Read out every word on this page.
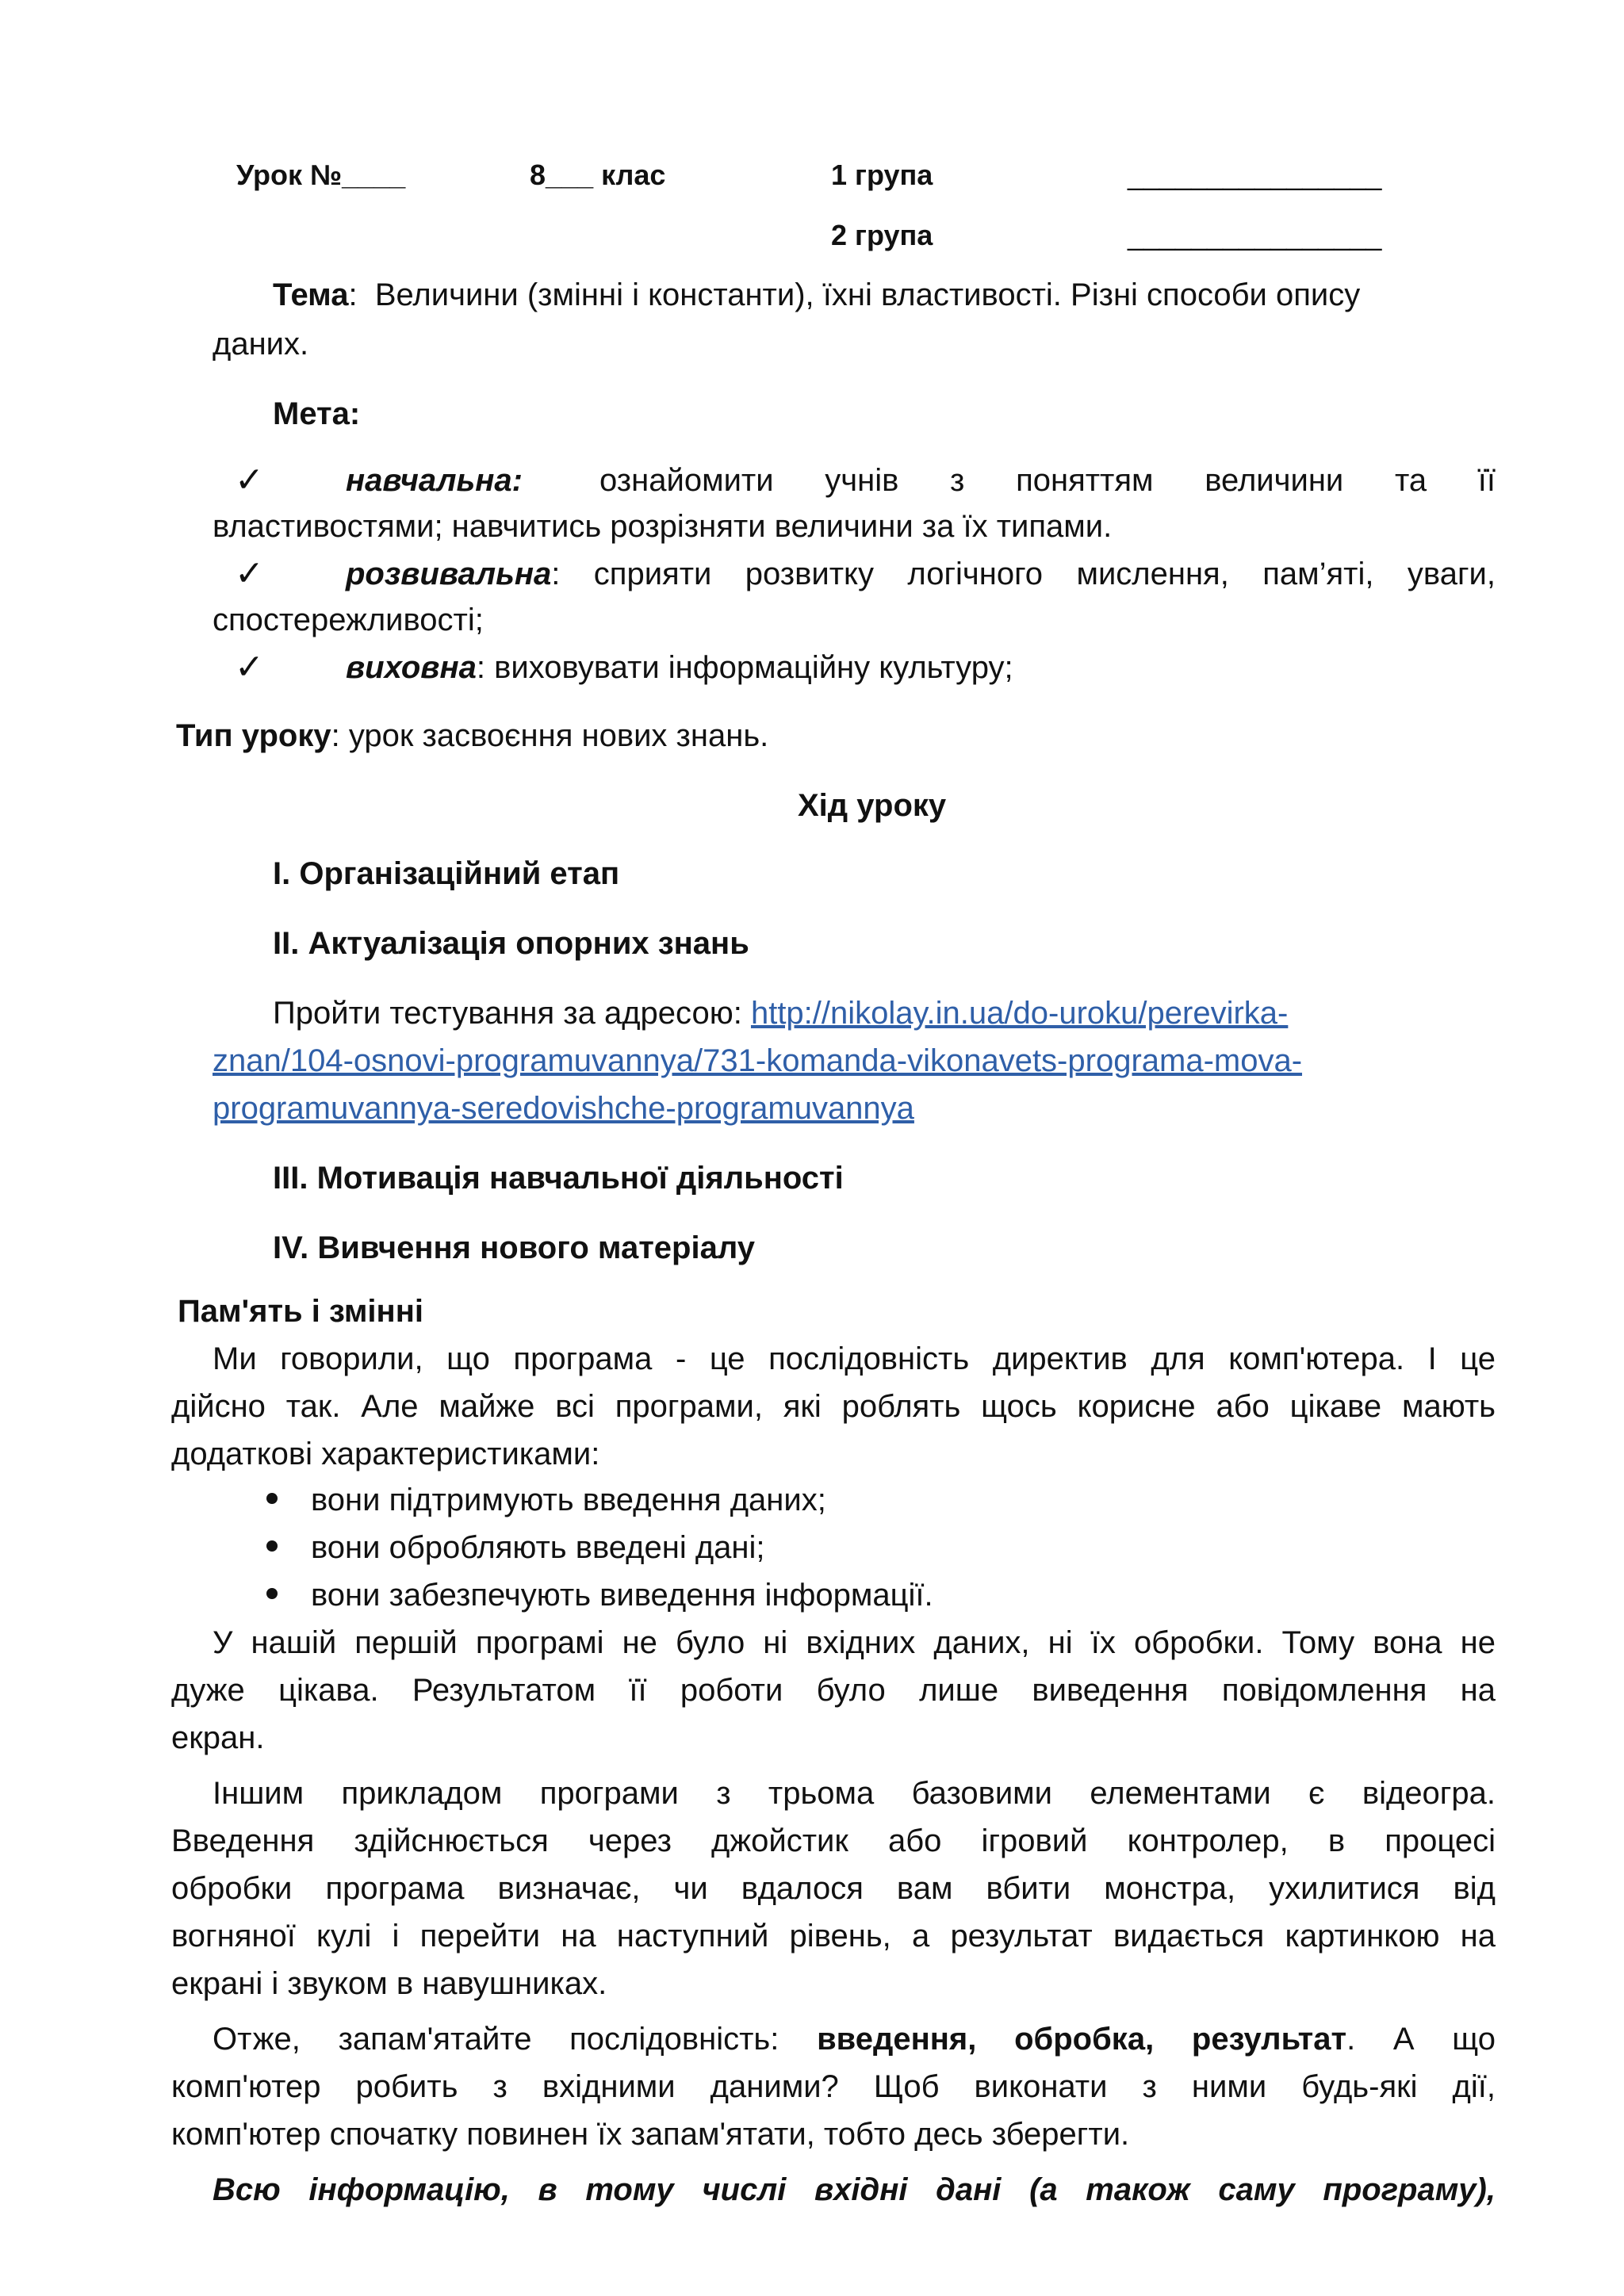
Урок №____	8___ клас	1 група	________________
2 група	________________
Тема: Величини (змінні і константи), їхні властивості. Різні способи опису
даних.
Мета:
✓	навчальна: ознайомити учнів з поняттям величини та її
властивостями; навчитись розрізняти величини за їх типами.
✓	розвивальна: сприяти розвитку логічного мислення, пам’яті, уваги,
спостережливості;
✓	виховна: виховувати інформаційну культуру;
Тип уроку: урок засвоєння нових знань.
Хід уроку
І. Організаційний етап
ІІ. Актуалізація опорних знань
Пройти тестування за адресою: http://nikolay.in.ua/do-uroku/perevirka-
znan/104-osnovi-programuvannya/731-komanda-vikonavets-programa-mova-
programuvannya-seredovishche-programuvannya
ІІІ. Мотивація навчальної діяльності
IV. Вивчення нового матеріалу
Пам'ять і змінні
Ми говорили, що програма - це послідовність директив для комп'ютера. І це
дійсно так. Але майже всі програми, які роблять щось корисне або цікаве мають
додаткові характеристиками:
вони підтримують введення даних;
вони обробляють введені дані;
вони забезпечують виведення інформації.
У нашій першій програмі не було ні вхідних даних, ні їх обробки. Тому вона не
дуже цікава. Результатом її роботи було лише виведення повідомлення на
екран.
Іншим прикладом програми з трьома базовими елементами є відеогра.
Введення здійснюється через джойстик або ігровий контролер, в процесі
обробки програма визначає, чи вдалося вам вбити монстра, ухилитися від
вогняної кулі і перейти на наступний рівень, а результат видається картинкою на
екрані і звуком в навушниках.
Отже, запам'ятайте послідовність: введення, обробка, результат. А що
комп'ютер робить з вхідними даними? Щоб виконати з ними будь-які дії,
комп'ютер спочатку повинен їх запам'ятати, тобто десь зберегти.
Всю інформацію, в тому числі вхідні дані (а також саму програму),
